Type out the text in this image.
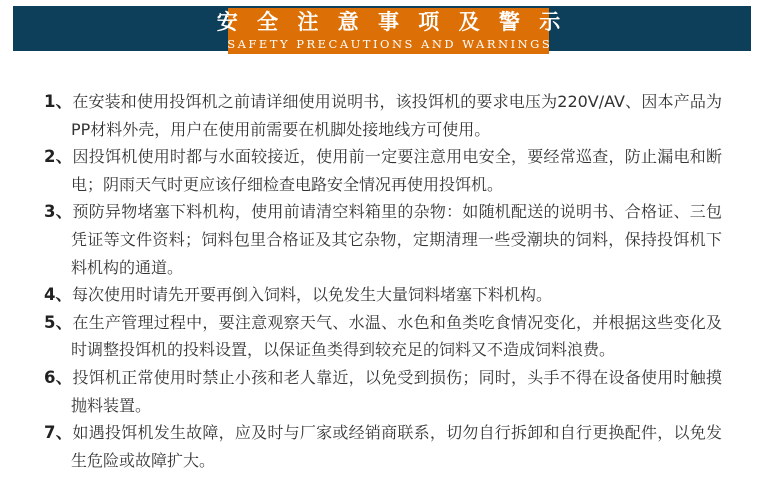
安 全 注 意 事 项 及 警 示
SAFETY PRECAUTIONS AND WARNINGS
1、在安装和使用投饵机之前请详细使用说明书，该投饵机的要求电压为220V/AV、因本产品为PP材料外壳，用户在使用前需要在机脚处接地线方可使用。
2、因投饵机使用时都与水面较接近，使用前一定要注意用电安全，要经常巡查，防止漏电和断电；阴雨天气时更应该仔细检查电路安全情况再使用投饵机。
3、预防异物堵塞下料机构，使用前请清空料箱里的杂物：如随机配送的说明书、合格证、三包凭证等文件资料；饲料包里合格证及其它杂物，定期清理一些受潮块的饲料，保持投饵机下料机构的通道。
4、每次使用时请先开要再倒入饲料，以免发生大量饲料堵塞下料机构。
5、在生产管理过程中，要注意观察天气、水温、水色和鱼类吃食情况变化，并根据这些变化及时调整投饵机的投料设置，以保证鱼类得到较充足的饲料又不造成饲料浪费。
6、投饵机正常使用时禁止小孩和老人靠近，以免受到损伤；同时，头手不得在设备使用时触摸抛料装置。
7、如遇投饵机发生故障，应及时与厂家或经销商联系，切勿自行拆卸和自行更换配件，以免发生危险或故障扩大。
